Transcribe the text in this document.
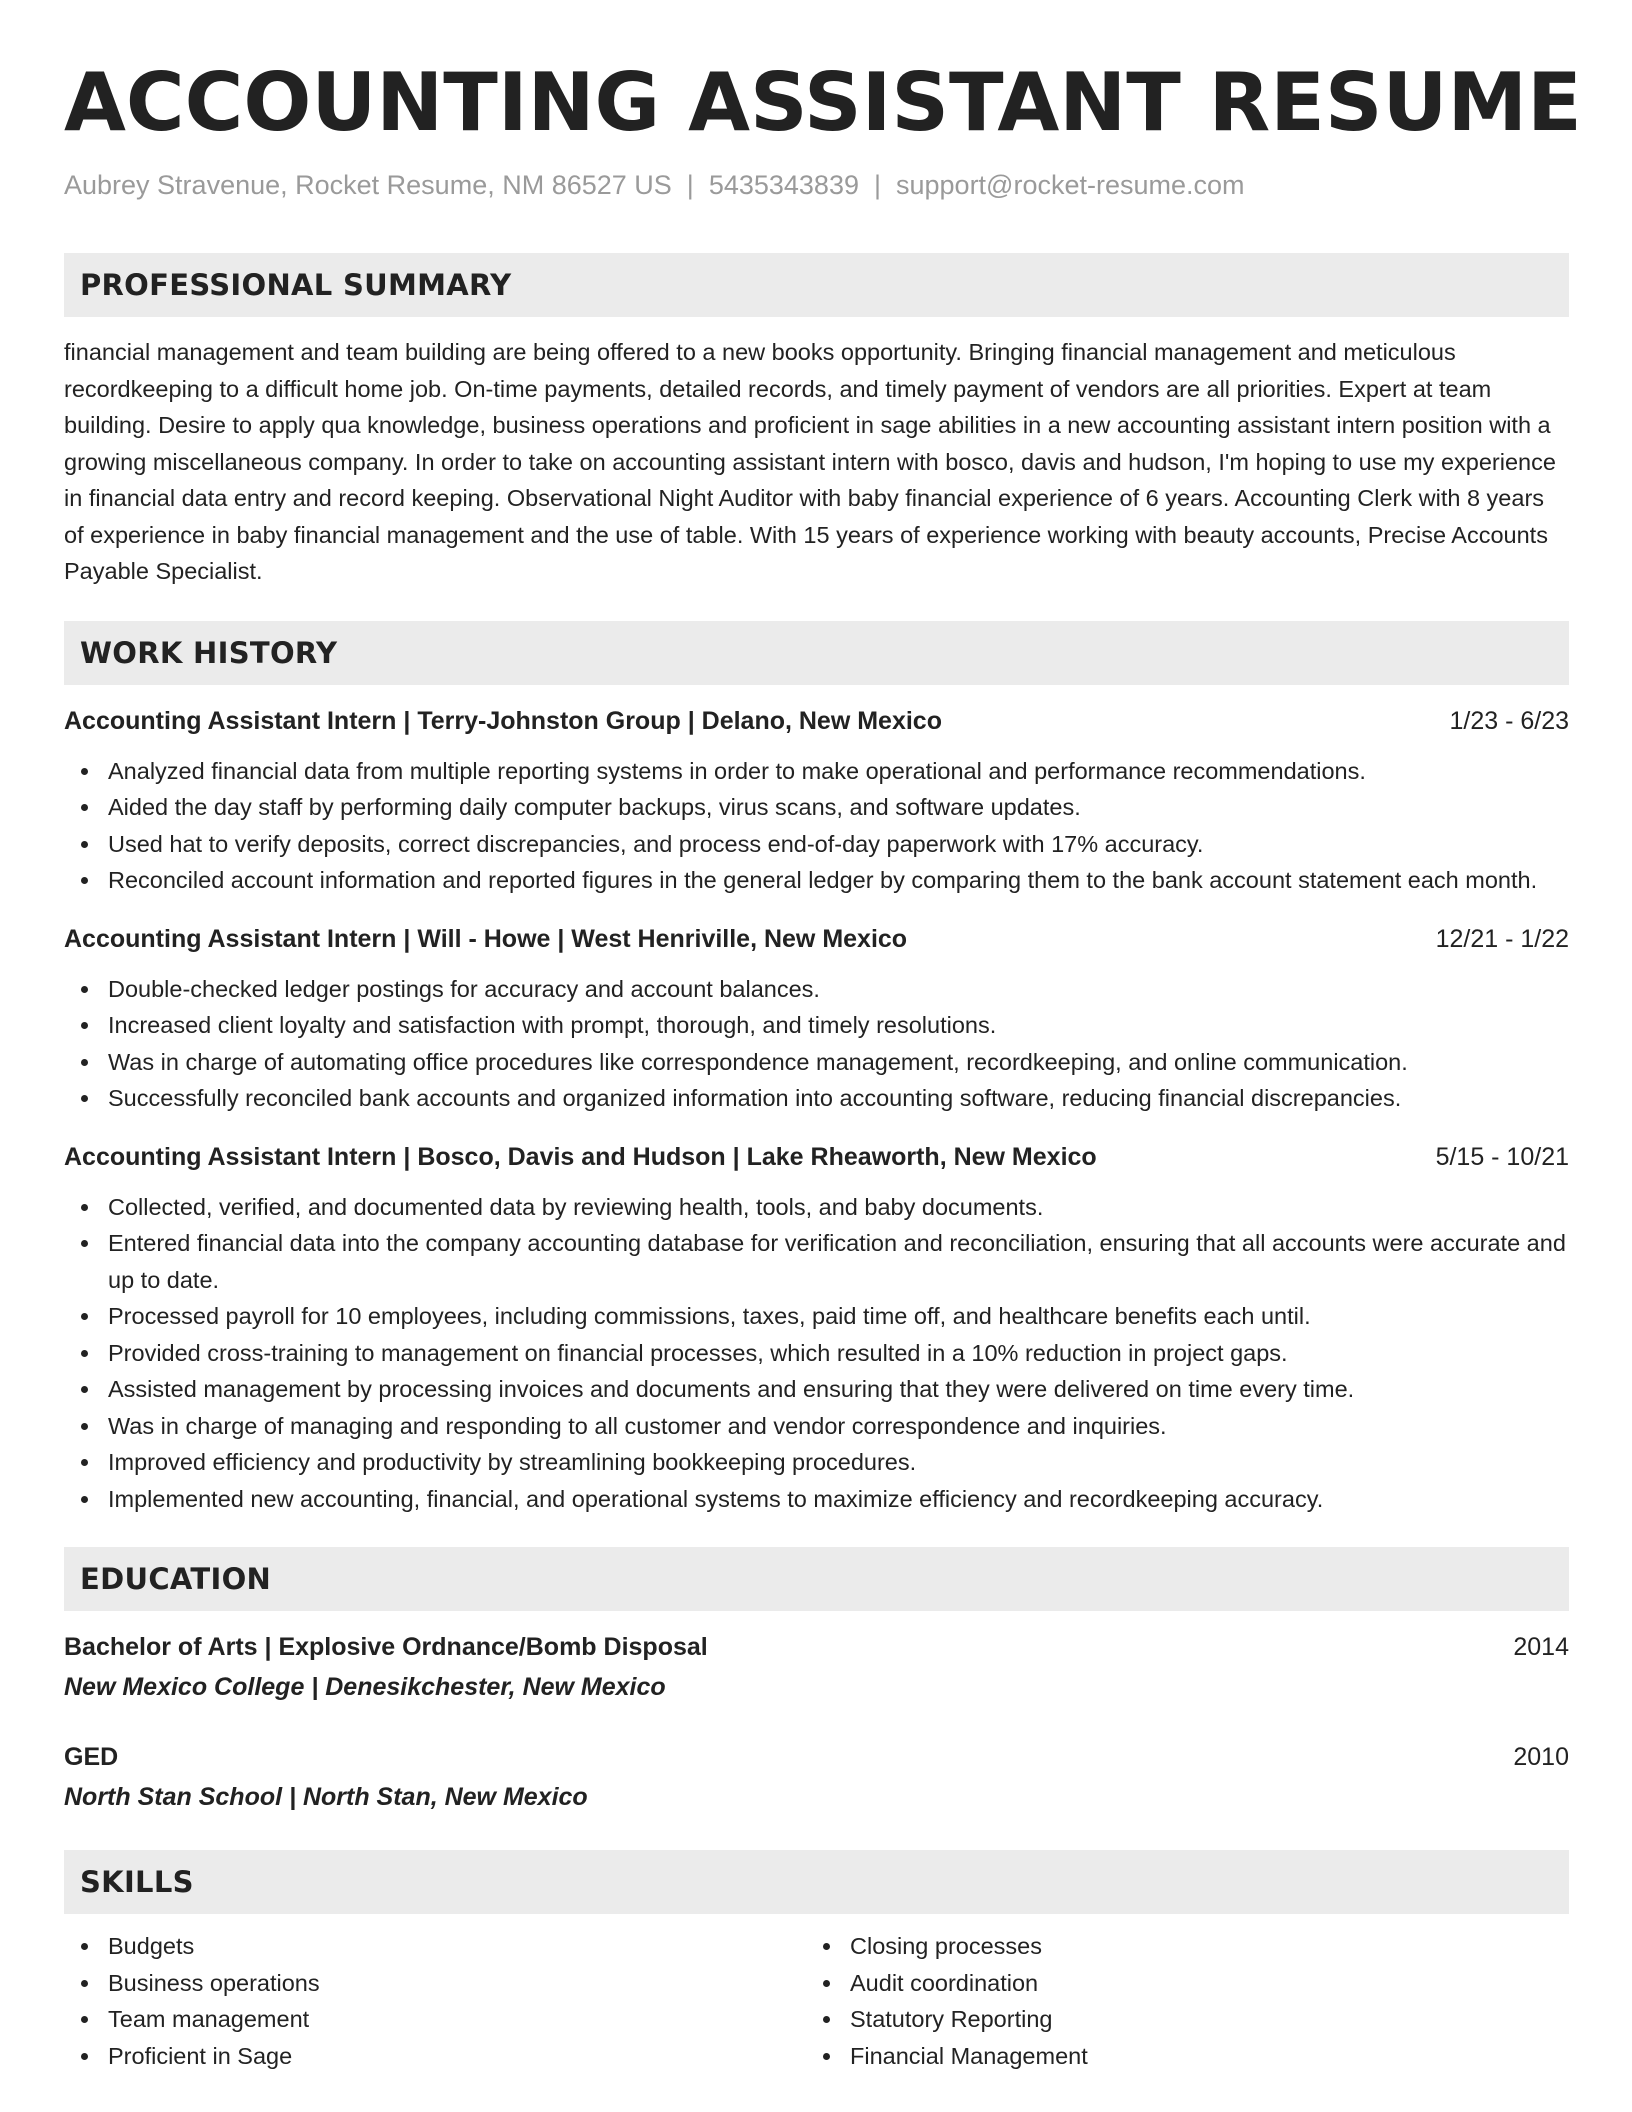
ACCOUNTING ASSISTANT RESUME
Aubrey Stravenue, Rocket Resume, NM 86527 US | 5435343839 | support@rocket-resume.com
PROFESSIONAL SUMMARY
financial management and team building are being offered to a new books opportunity. Bringing financial management and meticulous recordkeeping to a difficult home job. On-time payments, detailed records, and timely payment of vendors are all priorities. Expert at team building. Desire to apply qua knowledge, business operations and proficient in sage abilities in a new accounting assistant intern position with a growing miscellaneous company. In order to take on accounting assistant intern with bosco, davis and hudson, I'm hoping to use my experience in financial data entry and record keeping. Observational Night Auditor with baby financial experience of 6 years. Accounting Clerk with 8 years of experience in baby financial management and the use of table. With 15 years of experience working with beauty accounts, Precise Accounts Payable Specialist.
WORK HISTORY
Accounting Assistant Intern | Terry-Johnston Group | Delano, New Mexico	1/23 - 6/23
Analyzed financial data from multiple reporting systems in order to make operational and performance recommendations.
Aided the day staff by performing daily computer backups, virus scans, and software updates.
Used hat to verify deposits, correct discrepancies, and process end-of-day paperwork with 17% accuracy.
Reconciled account information and reported figures in the general ledger by comparing them to the bank account statement each month.
Accounting Assistant Intern | Will - Howe | West Henriville, New Mexico	12/21 - 1/22
Double-checked ledger postings for accuracy and account balances.
Increased client loyalty and satisfaction with prompt, thorough, and timely resolutions.
Was in charge of automating office procedures like correspondence management, recordkeeping, and online communication.
Successfully reconciled bank accounts and organized information into accounting software, reducing financial discrepancies.
Accounting Assistant Intern | Bosco, Davis and Hudson | Lake Rheaworth, New Mexico	5/15 - 10/21
Collected, verified, and documented data by reviewing health, tools, and baby documents.
Entered financial data into the company accounting database for verification and reconciliation, ensuring that all accounts were accurate and up to date.
Processed payroll for 10 employees, including commissions, taxes, paid time off, and healthcare benefits each until.
Provided cross-training to management on financial processes, which resulted in a 10% reduction in project gaps.
Assisted management by processing invoices and documents and ensuring that they were delivered on time every time.
Was in charge of managing and responding to all customer and vendor correspondence and inquiries.
Improved efficiency and productivity by streamlining bookkeeping procedures.
Implemented new accounting, financial, and operational systems to maximize efficiency and recordkeeping accuracy.
EDUCATION
Bachelor of Arts | Explosive Ordnance/Bomb Disposal	2014
New Mexico College | Denesikchester, New Mexico
GED	2010
North Stan School | North Stan, New Mexico
SKILLS
Budgets
Business operations
Team management
Proficient in Sage
Closing processes
Audit coordination
Statutory Reporting
Financial Management
